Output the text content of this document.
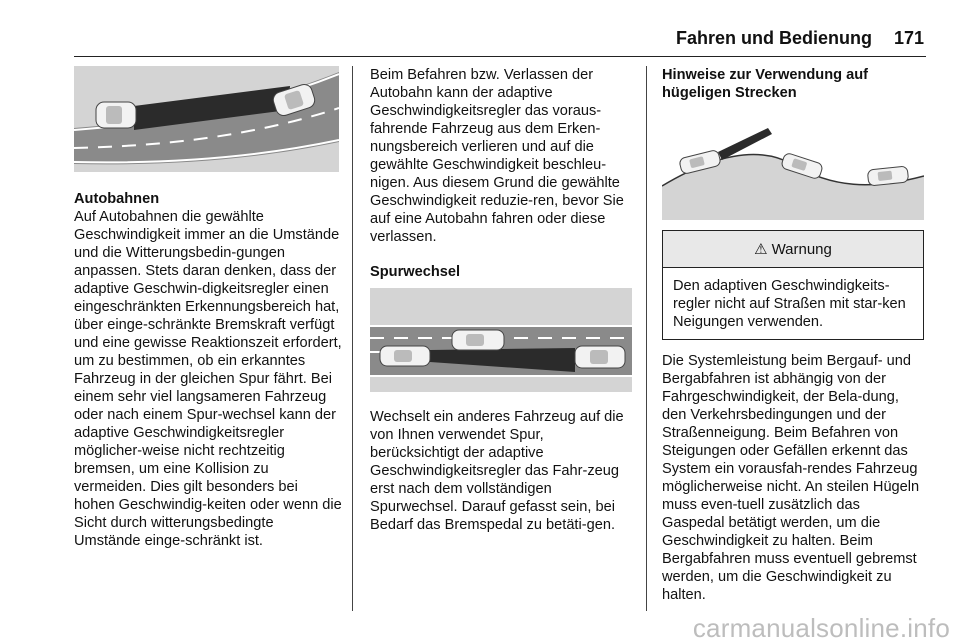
Fahren und Bedienung	171
Autobahnen

Auf Autobahnen die gewählte Geschwindigkeit immer an die Umstände und die Witterungsbedin-gungen anpassen. Stets daran denken, dass der adaptive Geschwin-digkeitsregler einen eingeschränkten Erkennungsbereich hat, über einge-schränkte Bremskraft verfügt und eine gewisse Reaktionszeit erfordert, um zu bestimmen, ob ein erkanntes Fahrzeug in der gleichen Spur fährt. Bei einem sehr viel langsameren Fahrzeug oder nach einem Spur-wechsel kann der adaptive Geschwindigkeitsregler möglicher-weise nicht rechtzeitig bremsen, um eine Kollision zu vermeiden. Dies gilt besonders bei hohen Geschwindig-keiten oder wenn die Sicht durch witterungsbedingte Umstände einge-schränkt ist.

Beim Befahren bzw. Verlassen der Autobahn kann der adaptive Geschwindigkeitsregler das voraus-fahrende Fahrzeug aus dem Erken-nungsbereich verlieren und auf die gewählte Geschwindigkeit beschleu-nigen. Aus diesem Grund die gewählte Geschwindigkeit reduzie-ren, bevor Sie auf eine Autobahn fahren oder diese verlassen.

Spurwechsel

Wechselt ein anderes Fahrzeug auf die von Ihnen verwendet Spur, berücksichtigt der adaptive Geschwindigkeitsregler das Fahr-zeug erst nach dem vollständigen Spurwechsel. Darauf gefasst sein, bei Bedarf das Bremspedal zu betäti-gen.

Hinweise zur Verwendung auf hügeligen Strecken
⚠ Warnung
Den adaptiven Geschwindigkeits-regler nicht auf Straßen mit star-ken Neigungen verwenden.

Die Systemleistung beim Bergauf- und Bergabfahren ist abhängig von der Fahrgeschwindigkeit, der Bela-dung, den Verkehrsbedingungen und der Straßenneigung. Beim Befahren von Steigungen oder Gefällen erkennt das System ein vorausfah-rendes Fahrzeug möglicherweise nicht. An steilen Hügeln muss even-tuell zusätzlich das Gaspedal betätigt werden, um die Geschwindigkeit zu halten. Beim Bergabfahren muss eventuell gebremst werden, um die Geschwindigkeit zu halten.

carmanualsonline.info
